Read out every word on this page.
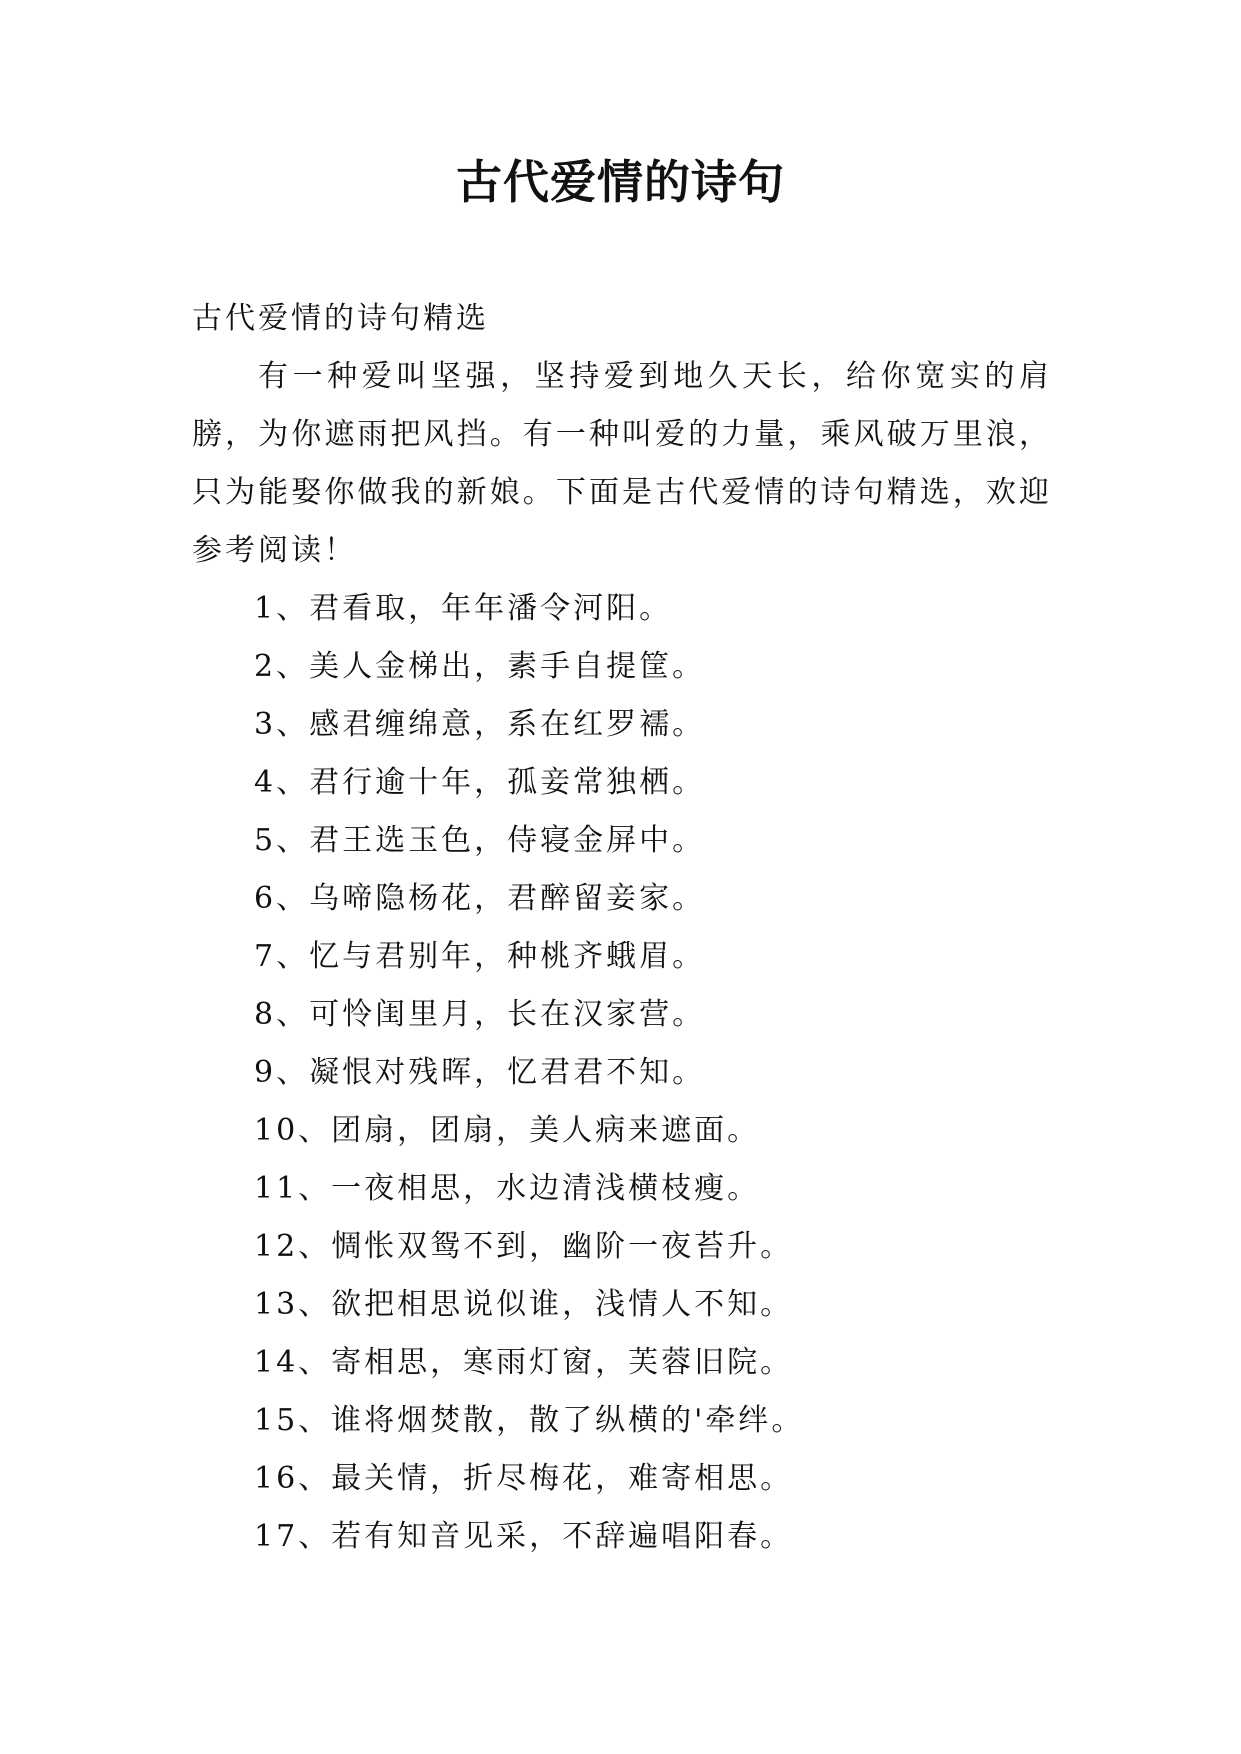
古代爱情的诗句

古代爱情的诗句精选

有一种爱叫坚强，坚持爱到地久天长，给你宽实的肩膀，为你遮雨把风挡。有一种叫爱的力量，乘风破万里浪，只为能娶你做我的新娘。下面是古代爱情的诗句精选，欢迎参考阅读！

1、君看取，年年潘令河阳。
2、美人金梯出，素手自提筐。
3、感君缠绵意，系在红罗襦。
4、君行逾十年，孤妾常独栖。
5、君王选玉色，侍寝金屏中。
6、乌啼隐杨花，君醉留妾家。
7、忆与君别年，种桃齐蛾眉。
8、可怜闺里月，长在汉家营。
9、凝恨对残晖，忆君君不知。
10、团扇，团扇，美人病来遮面。
11、一夜相思，水边清浅横枝瘦。
12、惆怅双鸳不到，幽阶一夜苔升。
13、欲把相思说似谁，浅情人不知。
14、寄相思，寒雨灯窗，芙蓉旧院。
15、谁将烟焚散，散了纵横的'牵绊。
16、最关情，折尽梅花，难寄相思。
17、若有知音见采，不辞遍唱阳春。
